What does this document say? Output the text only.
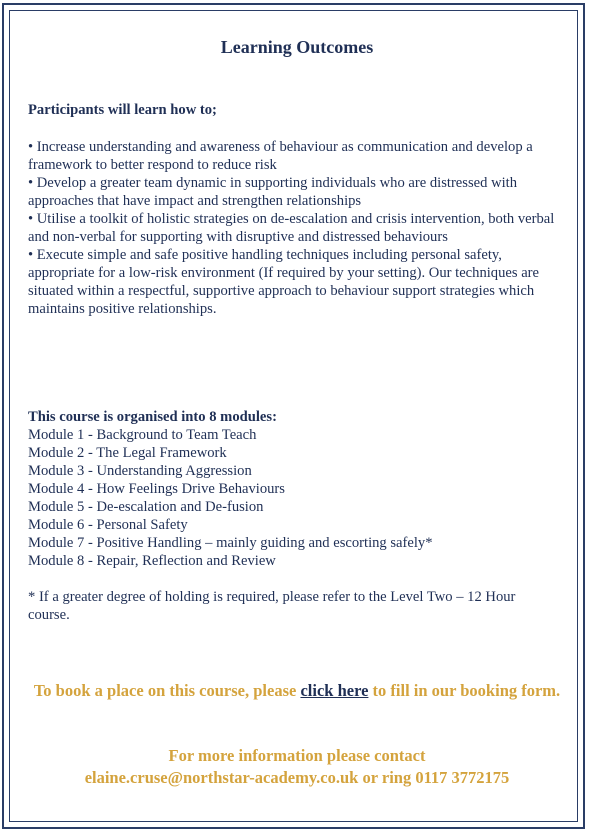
Learning Outcomes
Participants will learn how to;
• Increase understanding and awareness of behaviour as communication and develop a framework to better respond to reduce risk
• Develop a greater team dynamic in supporting individuals who are distressed with approaches that have impact and strengthen relationships
• Utilise a toolkit of holistic strategies on de-escalation and crisis intervention, both verbal and non-verbal for supporting with disruptive and distressed behaviours
• Execute simple and safe positive handling techniques including personal safety, appropriate for a low-risk environment (If required by your setting). Our techniques are situated within a respectful, supportive approach to behaviour support strategies which maintains positive relationships.
This course is organised into 8 modules:
Module 1 - Background to Team Teach
Module 2 - The Legal Framework
Module 3 - Understanding Aggression
Module 4 - How Feelings Drive Behaviours
Module 5 - De-escalation and De-fusion
Module 6 - Personal Safety
Module 7 - Positive Handling – mainly guiding and escorting safely*
Module 8 - Repair, Reflection and Review
* If a greater degree of holding is required, please refer to the Level Two – 12 Hour course.
To book a place on this course, please click here to fill in our booking form.
For more information please contact
elaine.cruse@northstar-academy.co.uk or ring 0117 3772175
